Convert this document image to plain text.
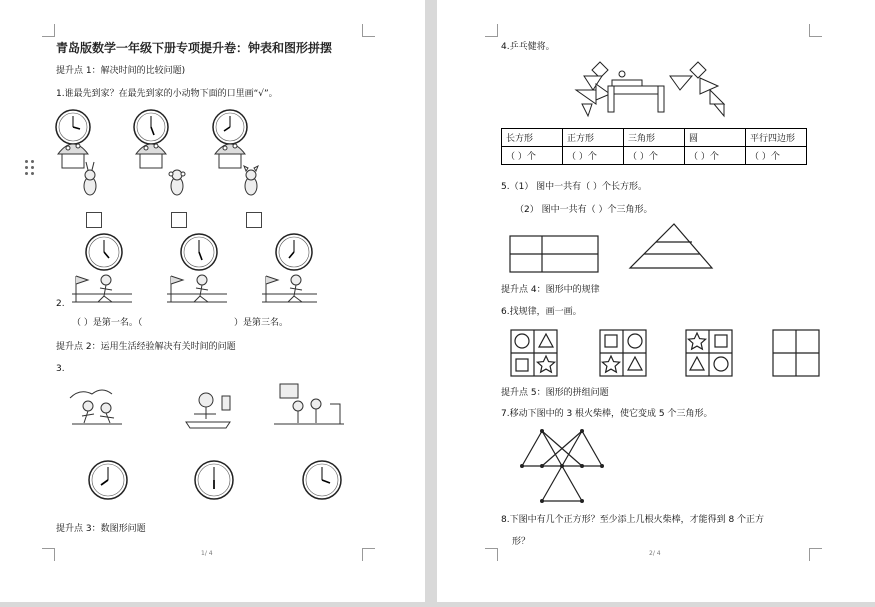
青岛版数学一年级下册专项提升卷：钟表和图形拼摆
提升点 1：解决时间的比较问题)
1.谁最先到家？在最先到家的小动物下面的口里画“√”。
2.
（ ）是第一名。（	）是第三名。
提升点 2：运用生活经验解决有关时间的问题
3.
提升点 3：数图形问题
1/ 4	2/ 4
4.乒乓健将。
长方形	正方形	三角形	圆	平行四边形
（ ）个	（ ）个	（ ）个	（ ）个	（ ）个
5.（1） 图中一共有（ ）个长方形。
（2） 图中一共有（ ）个三角形。
提升点 4：图形中的规律
6.找规律，画一画。
提升点 5：图形的拼组问题
7.移动下图中的 3 根火柴棒，使它变成 5 个三角形。
8.下图中有几个正方形？至少添上几根火柴棒，才能得到 8 个正方
形？
